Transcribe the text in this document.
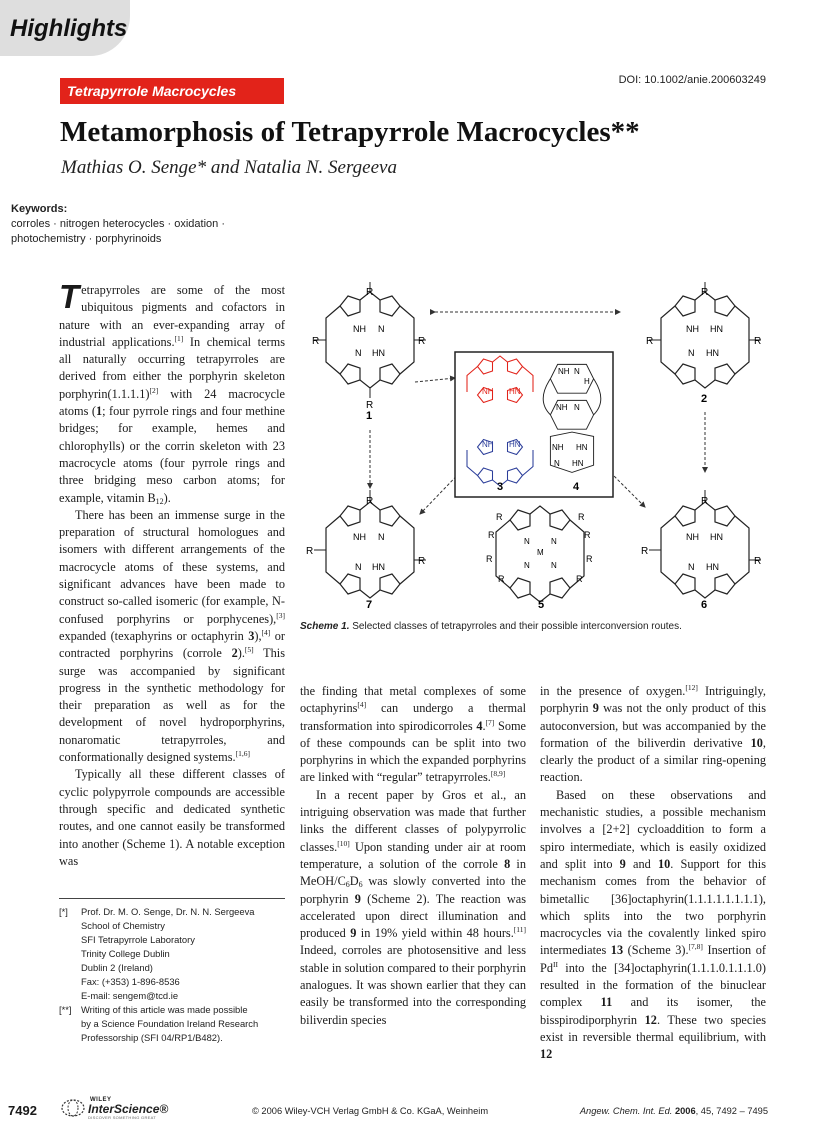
Highlights
Tetrapyrrole Macrocycles
DOI: 10.1002/anie.200603249
Metamorphosis of Tetrapyrrole Macrocycles**
Mathias O. Senge* and Natalia N. Sergeeva
Keywords:
corroles · nitrogen heterocycles · oxidation · photochemistry · porphyrinoids

Tetrapyrroles are some of the most ubiquitous pigments and cofactors in nature with an ever-expanding array of industrial applications.[1] In chemical terms all naturally occurring tetrapyrroles are derived from either the porphyrin skeleton porphyrin(1.1.1.1)[2] with 24 macrocycle atoms (1; four pyrrole rings and four methine bridges; for example, hemes and chlorophylls) or the corrin skeleton with 23 macrocycle atoms (four pyrrole rings and three bridging meso carbon atoms; for example, vitamin $B_{12}$).

There has been an immense surge in the preparation of structural homologues and isomers with different arrangements of the macrocycle atoms of these systems, and significant advances have been made to construct so-called isomeric (for example, N-confused porphyrins or porphycenes),[3] expanded (texaphyrins or octaphyrin 3),[4] or contracted porphyrins (corrole 2).[5] This surge was accompanied by significant progress in the synthetic methodology for their preparation as well as for the development of novel hydroporphyrins, nonaromatic tetrapyrroles, and conformationally designed systems.[1,6]

Typically all these different classes of cyclic polypyrrole compounds are accessible through specific and dedicated synthetic routes, and one cannot easily be transformed into another (Scheme 1). A notable exception was

[*]	Prof. Dr. M. O. Senge, Dr. N. N. Sergeeva
School of Chemistry
SFI Tetrapyrrole Laboratory
Trinity College Dublin
Dublin 2 (Ireland)
Fax: (+353) 1-896-8536
E-mail: sengem@tcd.ie
[**]	Writing of this article was made possible
by a Science Foundation Ireland Research
Professorship (SFI 04/RP1/B482).
R
R	R
R
NH N
N HN
1
R
R	R
NH HN
N HN
2
NH HN
NH HN
3
NH N
H
NH N
NH HN
N HN
4
R
R
R
NH N
N HN
7
R	R
R	R
R	R
R	R
N	N
M
N	N
5
R
R
R
NH HN
N HN
6
Scheme 1. Selected classes of tetrapyrroles and their possible interconversion routes.

the finding that metal complexes of some octaphyrins[4] can undergo a thermal transformation into spirodicorroles 4.[7] Some of these compounds can be split into two porphyrins in which the expanded porphyrins are linked with “regular” tetrapyrroles.[8,9]

In a recent paper by Gros et al., an intriguing observation was made that further links the different classes of polypyrrolic classes.[10] Upon standing under air at room temperature, a solution of the corrole 8 in MeOH/$C_6D_6$ was slowly converted into the porphyrin 9 (Scheme 2). The reaction was accelerated upon direct illumination and produced 9 in 19% yield within 48 hours.[11] Indeed, corroles are photosensitive and less stable in solution compared to their porphyrin analogues. It was shown earlier that they can easily be transformed into the corresponding biliverdin species

in the presence of oxygen.[12] Intriguingly, porphyrin 9 was not the only product of this autoconversion, but was accompanied by the formation of the biliverdin derivative 10, clearly the product of a similar ring-opening reaction.

Based on these observations and mechanistic studies, a possible mechanism involves a [2+2] cycloaddition to form a spiro intermediate, which is easily oxidized and split into 9 and 10. Support for this mechanism comes from the behavior of bimetallic [36]octaphyrin(1.1.1.1.1.1.1.1), which splits into the two porphyrin macrocycles via the covalently linked spiro intermediates 13 (Scheme 3).[7,8] Insertion of $Pd^{II}$ into the [34]octaphyrin(1.1.1.0.1.1.1.0) resulted in the formation of the binuclear complex 11 and its isomer, the bisspirodiporphyrin 12. These two species exist in reversible thermal equilibrium, with 12

7492
WILEY
InterScience®
DISCOVER SOMETHING GREAT
© 2006 Wiley-VCH Verlag GmbH & Co. KGaA, Weinheim	Angew. Chem. Int. Ed. 2006, 45, 7492 – 7495
